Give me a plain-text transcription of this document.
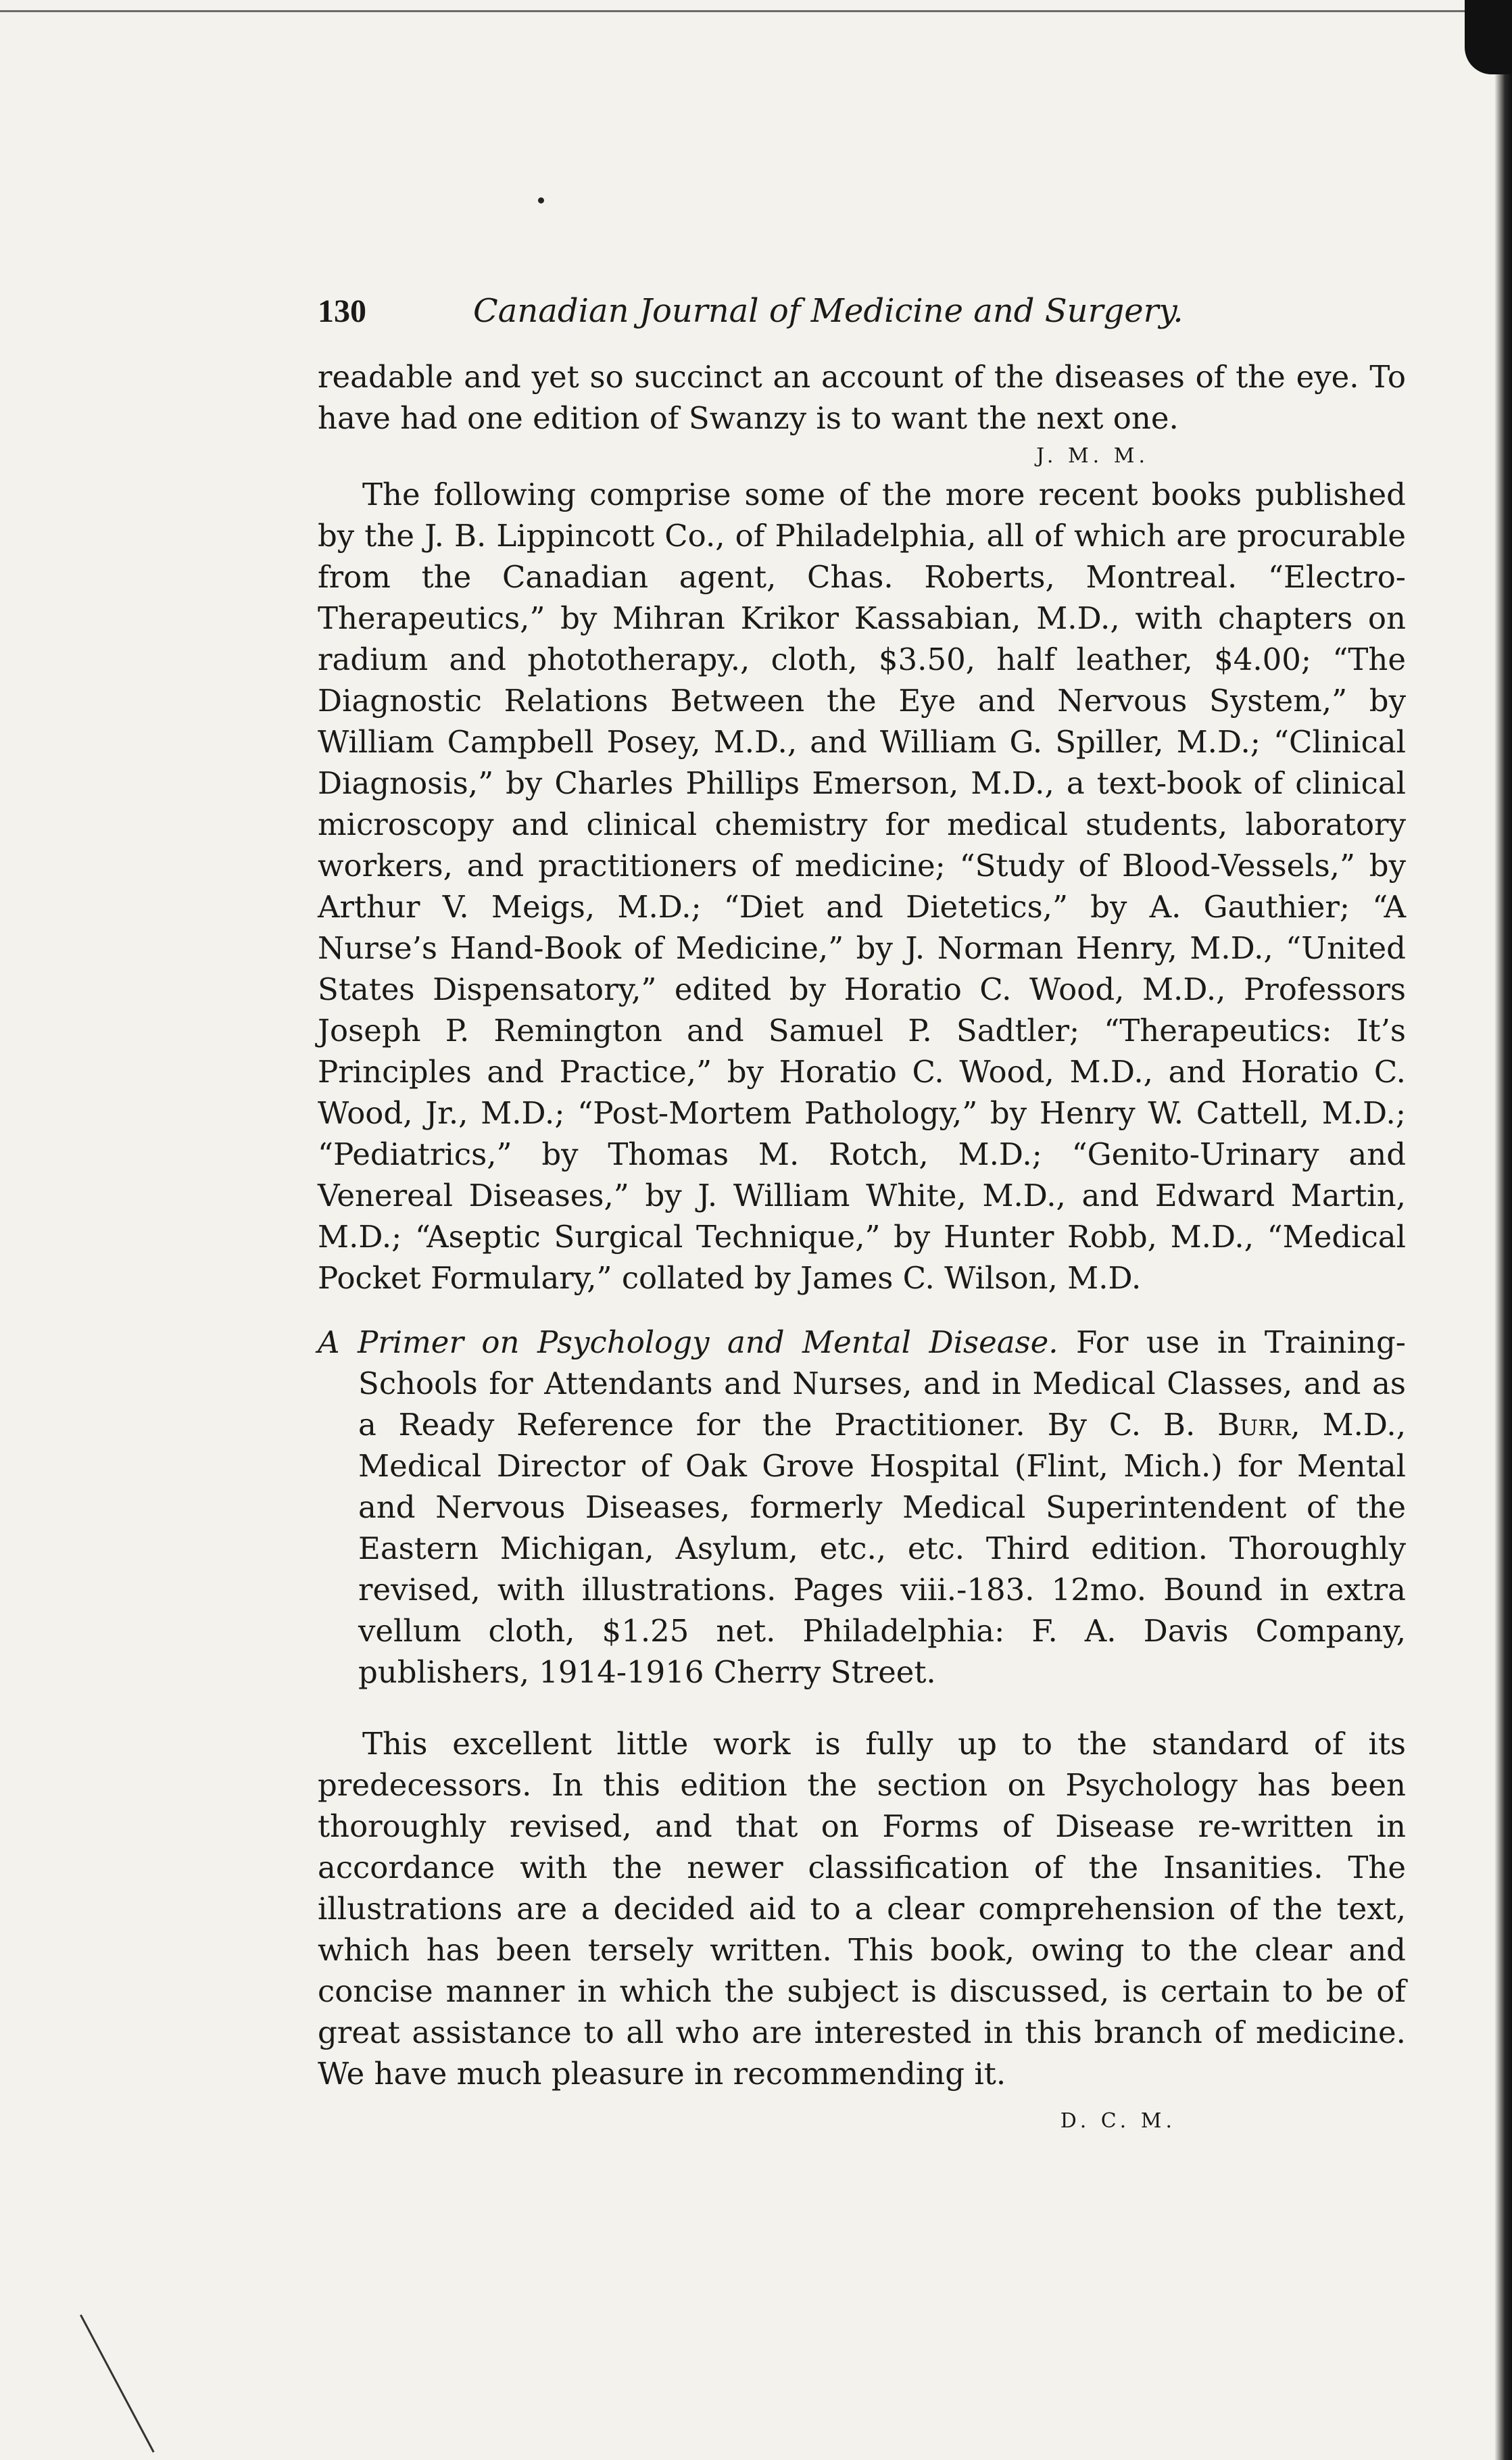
130	Canadian Journal of Medicine and Surgery.

readable and yet so succinct an account of the diseases of the eye. To have had one edition of Swanzy is to want the next one.

J. M. M.

The following comprise some of the more recent books published by the J. B. Lippincott Co., of Philadelphia, all of which are procurable from the Canadian agent, Chas. Roberts, Montreal. “Electro-Therapeutics,” by Mihran Krikor Kassabian, M.D., with chapters on radium and phototherapy., cloth, $3.50, half leather, $4.00; “The Diagnostic Relations Between the Eye and Nervous System,” by William Campbell Posey, M.D., and William G. Spiller, M.D.; “Clinical Diagnosis,” by Charles Phillips Emerson, M.D., a text-book of clinical microscopy and clinical chemistry for medical students, laboratory workers, and practitioners of medicine; “Study of Blood-Vessels,” by Arthur V. Meigs, M.D.; “Diet and Dietetics,” by A. Gauthier; “A Nurse’s Hand-Book of Medicine,” by J. Norman Henry, M.D., “United States Dispensatory,” edited by Horatio C. Wood, M.D., Professors Joseph P. Remington and Samuel P. Sadtler; “Therapeutics: It’s Principles and Practice,” by Horatio C. Wood, M.D., and Horatio C. Wood, Jr., M.D.; “Post-Mortem Pathology,” by Henry W. Cattell, M.D.; “Pediatrics,” by Thomas M. Rotch, M.D.; “Genito-Urinary and Venereal Diseases,” by J. William White, M.D., and Edward Martin, M.D.; “Aseptic Surgical Technique,” by Hunter Robb, M.D., “Medical Pocket Formulary,” collated by James C. Wilson, M.D.

A Primer on Psychology and Mental Disease. For use in Training-Schools for Attendants and Nurses, and in Medical Classes, and as a Ready Reference for the Practitioner. By C. B. Burr, M.D., Medical Director of Oak Grove Hospital (Flint, Mich.) for Mental and Nervous Diseases, formerly Medical Superintendent of the Eastern Michigan, Asylum, etc., etc. Third edition. Thoroughly revised, with illustrations. Pages viii.-183. 12mo. Bound in extra vellum cloth, $1.25 net. Philadelphia: F. A. Davis Company, publishers, 1914-1916 Cherry Street.

This excellent little work is fully up to the standard of its predecessors. In this edition the section on Psychology has been thoroughly revised, and that on Forms of Disease re-written in accordance with the newer classification of the Insanities. The illustrations are a decided aid to a clear comprehension of the text, which has been tersely written. This book, owing to the clear and concise manner in which the subject is discussed, is certain to be of great assistance to all who are interested in this branch of medicine. We have much pleasure in recommending it.

D. C. M.
